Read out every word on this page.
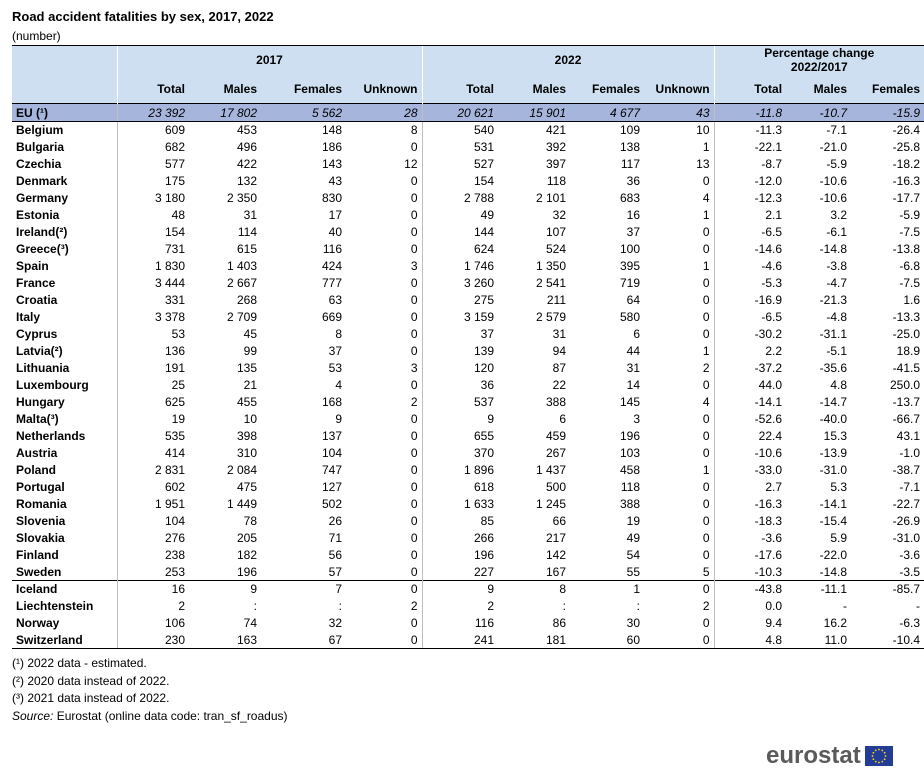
Road accident fatalities by sex, 2017, 2022
(number)
	2017				2022				Percentage change
2022/2017		
	Total	Males	Females	Unknown	Total	Males	Females	Unknown	Total	Males	Females
EU (¹)	23 392	17 802	5 562	28	20 621	15 901	4 677	43	-11.8	-10.7	-15.9
Belgium	609	453	148	8	540	421	109	10	-11.3	-7.1	-26.4
Bulgaria	682	496	186	0	531	392	138	1	-22.1	-21.0	-25.8
Czechia	577	422	143	12	527	397	117	13	-8.7	-5.9	-18.2
Denmark	175	132	43	0	154	118	36	0	-12.0	-10.6	-16.3
Germany	3 180	2 350	830	0	2 788	2 101	683	4	-12.3	-10.6	-17.7
Estonia	48	31	17	0	49	32	16	1	2.1	3.2	-5.9
Ireland(²)	154	114	40	0	144	107	37	0	-6.5	-6.1	-7.5
Greece(³)	731	615	116	0	624	524	100	0	-14.6	-14.8	-13.8
Spain	1 830	1 403	424	3	1 746	1 350	395	1	-4.6	-3.8	-6.8
France	3 444	2 667	777	0	3 260	2 541	719	0	-5.3	-4.7	-7.5
Croatia	331	268	63	0	275	211	64	0	-16.9	-21.3	1.6
Italy	3 378	2 709	669	0	3 159	2 579	580	0	-6.5	-4.8	-13.3
Cyprus	53	45	8	0	37	31	6	0	-30.2	-31.1	-25.0
Latvia(²)	136	99	37	0	139	94	44	1	2.2	-5.1	18.9
Lithuania	191	135	53	3	120	87	31	2	-37.2	-35.6	-41.5
Luxembourg	25	21	4	0	36	22	14	0	44.0	4.8	250.0
Hungary	625	455	168	2	537	388	145	4	-14.1	-14.7	-13.7
Malta(³)	19	10	9	0	9	6	3	0	-52.6	-40.0	-66.7
Netherlands	535	398	137	0	655	459	196	0	22.4	15.3	43.1
Austria	414	310	104	0	370	267	103	0	-10.6	-13.9	-1.0
Poland	2 831	2 084	747	0	1 896	1 437	458	1	-33.0	-31.0	-38.7
Portugal	602	475	127	0	618	500	118	0	2.7	5.3	-7.1
Romania	1 951	1 449	502	0	1 633	1 245	388	0	-16.3	-14.1	-22.7
Slovenia	104	78	26	0	85	66	19	0	-18.3	-15.4	-26.9
Slovakia	276	205	71	0	266	217	49	0	-3.6	5.9	-31.0
Finland	238	182	56	0	196	142	54	0	-17.6	-22.0	-3.6
Sweden	253	196	57	0	227	167	55	5	-10.3	-14.8	-3.5
Iceland	16	9	7	0	9	8	1	0	-43.8	-11.1	-85.7
Liechtenstein	2	:	:	2	2	:	:	2	0.0	-	-
Norway	106	74	32	0	116	86	30	0	9.4	16.2	-6.3
Switzerland	230	163	67	0	241	181	60	0	4.8	11.0	-10.4
(¹) 2022 data - estimated.
(²) 2020 data instead of 2022.
(³) 2021 data instead of 2022.
Source: Eurostat (online data code: tran_sf_roadus)
eurostat
